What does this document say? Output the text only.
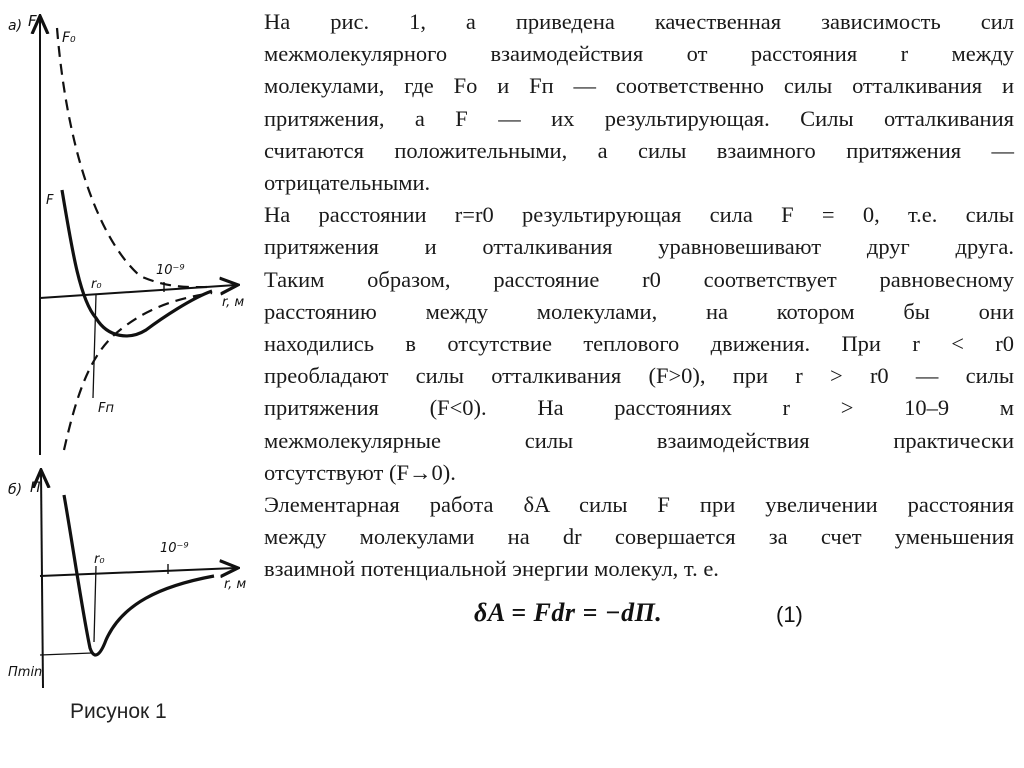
а) F
r, м
F₀
F
Fп
r₀
10⁻⁹
б) П
r, м
r₀
10⁻⁹
Пmin
Рисунок 1

На рис. 1, а приведена качественная зависимость сил
межмолекулярного взаимодействия от расстояния r между
молекулами, где Fо и Fп — соответственно силы отталкивания и
притяжения, а F — их результирующая. Силы отталкивания
считаются положительными, а силы взаимного притяжения —
отрицательными.

На расстоянии r=r0 результирующая сила F = 0, т.е. силы
притяжения и отталкивания уравновешивают друг друга.
Таким образом, расстояние r0 соответствует равновесному
расстоянию между молекулами, на котором бы они
находились в отсутствие теплового движения. При r < r0
преобладают силы отталкивания (F>0), при r > r0 — силы
притяжения (F<0). На расстояниях r > 10–9 м
межмолекулярные силы взаимодействия практически
отсутствуют (F→0).

Элементарная работа δA силы F при увеличении расстояния
между молекулами на dr совершается за счет уменьшения
взаимной потенциальной энергии молекул, т. е.

δA = Fdr = −dП.	(1)
